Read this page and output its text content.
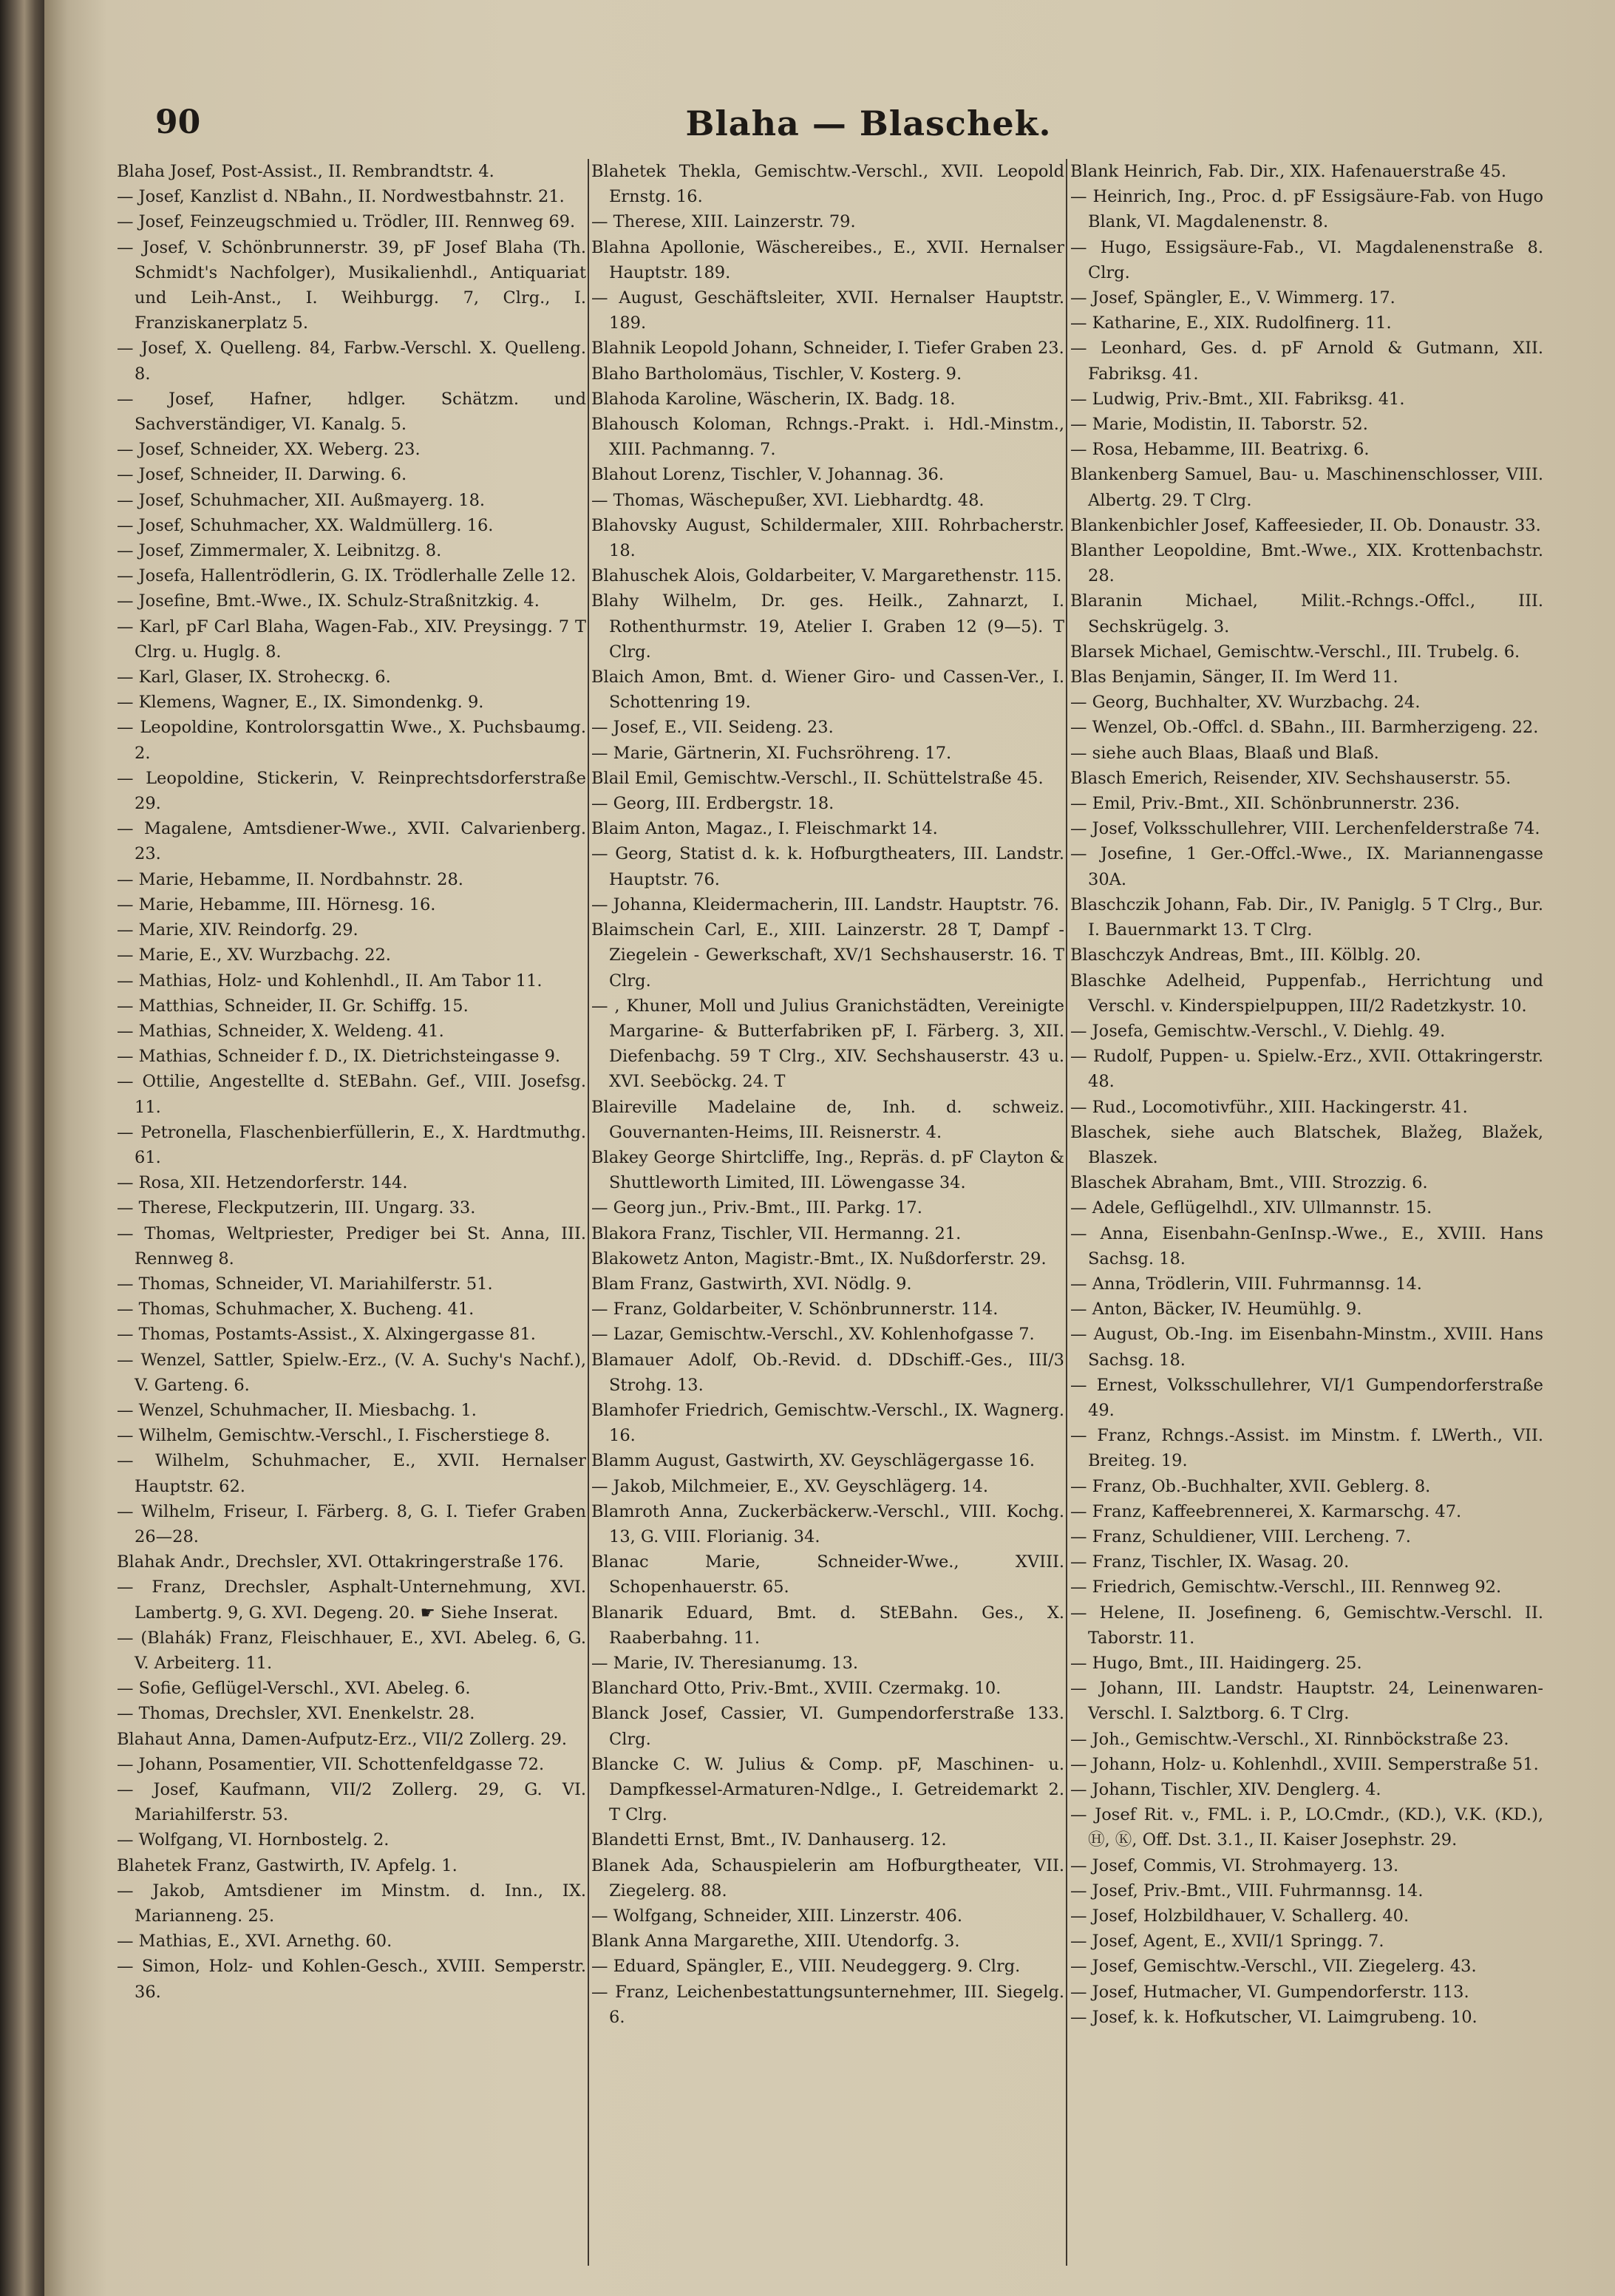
90	Blaha — Blaschek.

Blaha Josef, Post-Assist., II. Rembrandtstr. 4.

— Josef, Kanzlist d. NBahn., II. Nordwestbahnstr. 21.

— Josef, Feinzeugschmied u. Trödler, III. Rennweg 69.

— Josef, V. Schönbrunnerstr. 39, pF Josef Blaha (Th. Schmidt's Nachfolger), Musikalienhdl., Antiquariat und Leih-Anst., I. Weihburgg. 7, Clrg., I. Franziskanerplatz 5.

— Josef, X. Quelleng. 84, Farbw.-Verschl. X. Quelleng. 8.

— Josef, Hafner, hdlger. Schätzm. und Sachverständiger, VI. Kanalg. 5.

— Josef, Schneider, XX. Weberg. 23.

— Josef, Schneider, II. Darwing. 6.

— Josef, Schuhmacher, XII. Außmayerg. 18.

— Josef, Schuhmacher, XX. Waldmüllerg. 16.

— Josef, Zimmermaler, X. Leibnitzg. 8.

— Josefa, Hallentrödlerin, G. IX. Trödlerhalle Zelle 12.

— Josefine, Bmt.-Wwe., IX. Schulz-Straßnitzkig. 4.

— Karl, pF Carl Blaha, Wagen-Fab., XIV. Preysingg. 7 T Clrg. u. Huglg. 8.

— Karl, Glaser, IX. Strohecкg. 6.

— Klemens, Wagner, E., IX. Simondenkg. 9.

— Leopoldine, Kontrolorsgattin Wwe., X. Puchsbaumg. 2.

— Leopoldine, Stickerin, V. Reinprechtsdorferstraße 29.

— Magalene, Amtsdiener-Wwe., XVII. Calvarienberg. 23.

— Marie, Hebamme, II. Nordbahnstr. 28.

— Marie, Hebamme, III. Hörnesg. 16.

— Marie, XIV. Reindorfg. 29.

— Marie, E., XV. Wurzbachg. 22.

— Mathias, Holz- und Kohlenhdl., II. Am Tabor 11.

— Matthias, Schneider, II. Gr. Schiffg. 15.

— Mathias, Schneider, X. Weldeng. 41.

— Mathias, Schneider f. D., IX. Dietrichsteingasse 9.

— Ottilie, Angestellte d. StEBahn. Gef., VIII. Josefsg. 11.

— Petronella, Flaschenbierfüllerin, E., X. Hardtmuthg. 61.

— Rosa, XII. Hetzendorferstr. 144.

— Therese, Fleckputzerin, III. Ungarg. 33.

— Thomas, Weltpriester, Prediger bei St. Anna, III. Rennweg 8.

— Thomas, Schneider, VI. Mariahilferstr. 51.

— Thomas, Schuhmacher, X. Bucheng. 41.

— Thomas, Postamts-Assist., X. Alxingergasse 81.

— Wenzel, Sattler, Spielw.-Erz., (V. A. Suchy's Nachf.), V. Garteng. 6.

— Wenzel, Schuhmacher, II. Miesbachg. 1.

— Wilhelm, Gemischtw.-Verschl., I. Fischerstiege 8.

— Wilhelm, Schuhmacher, E., XVII. Hernalser Hauptstr. 62.

— Wilhelm, Friseur, I. Färberg. 8, G. I. Tiefer Graben 26—28.

Blahak Andr., Drechsler, XVI. Ottakringerstraße 176.

— Franz, Drechsler, Asphalt-Unternehmung, XVI. Lambertg. 9, G. XVI. Degeng. 20. ☛ Siehe Inserat.

— (Blahák) Franz, Fleischhauer, E., XVI. Abeleg. 6, G. V. Arbeiterg. 11.

— Sofie, Geflügel-Verschl., XVI. Abeleg. 6.

— Thomas, Drechsler, XVI. Enenkelstr. 28.

Blahaut Anna, Damen-Aufputz-Erz., VII/2 Zollerg. 29.

— Johann, Posamentier, VII. Schottenfeldgasse 72.

— Josef, Kaufmann, VII/2 Zollerg. 29, G. VI. Mariahilferstr. 53.

— Wolfgang, VI. Hornbostelg. 2.

Blahetek Franz, Gastwirth, IV. Apfelg. 1.

— Jakob, Amtsdiener im Minstm. d. Inn., IX. Marianneng. 25.

— Mathias, E., XVI. Arnethg. 60.

— Simon, Holz- und Kohlen-Gesch., XVIII. Semperstr. 36.

Blahetek Thekla, Gemischtw.-Verschl., XVII. Leopold Ernstg. 16.

— Therese, XIII. Lainzerstr. 79.

Blahna Apollonie, Wäschereibes., E., XVII. Hernalser Hauptstr. 189.

— August, Geschäftsleiter, XVII. Hernalser Hauptstr. 189.

Blahnik Leopold Johann, Schneider, I. Tiefer Graben 23.

Blaho Bartholomäus, Tischler, V. Kosterg. 9.

Blahoda Karoline, Wäscherin, IX. Badg. 18.

Blahousch Koloman, Rchngs.-Prakt. i. Hdl.-Minstm., XIII. Pachmanng. 7.

Blahout Lorenz, Tischler, V. Johannag. 36.

— Thomas, Wäschepußer, XVI. Liebhardtg. 48.

Blahovsky August, Schildermaler, XIII. Rohrbacherstr. 18.

Blahuschek Alois, Goldarbeiter, V. Margarethenstr. 115.

Blahy Wilhelm, Dr. ges. Heilk., Zahnarzt, I. Rothenthurmstr. 19, Atelier I. Graben 12 (9—5). T Clrg.

Blaich Amon, Bmt. d. Wiener Giro- und Cassen-Ver., I. Schottenring 19.

— Josef, E., VII. Seideng. 23.

— Marie, Gärtnerin, XI. Fuchsröhreng. 17.

Blail Emil, Gemischtw.-Verschl., II. Schüttelstraße 45.

— Georg, III. Erdbergstr. 18.

Blaim Anton, Magaz., I. Fleischmarkt 14.

— Georg, Statist d. k. k. Hofburgtheaters, III. Landstr. Hauptstr. 76.

— Johanna, Kleidermacherin, III. Landstr. Hauptstr. 76.

Blaimschein Carl, E., XIII. Lainzerstr. 28 T, Dampf - Ziegelein - Gewerkschaft, XV/1 Sechshauserstr. 16. T Clrg.

— , Khuner, Moll und Julius Granichstädten, Vereinigte Margarine- & Butterfabriken pF, I. Färberg. 3, XII. Diefenbachg. 59 T Clrg., XIV. Sechshauserstr. 43 u. XVI. Seeböckg. 24. T

Blaireville Madelaine de, Inh. d. schweiz. Gouvernanten-Heims, III. Reisnerstr. 4.

Blakey George Shirtcliffe, Ing., Repräs. d. pF Clayton & Shuttleworth Limited, III. Löwengasse 34.

— Georg jun., Priv.-Bmt., III. Parkg. 17.

Blakora Franz, Tischler, VII. Hermanng. 21.

Blakowetz Anton, Magistr.-Bmt., IX. Nußdorferstr. 29.

Blam Franz, Gastwirth, XVI. Nödlg. 9.

— Franz, Goldarbeiter, V. Schönbrunnerstr. 114.

— Lazar, Gemischtw.-Verschl., XV. Kohlenhofgasse 7.

Blamauer Adolf, Ob.-Revid. d. DDschiff.-Ges., III/3 Strohg. 13.

Blamhofer Friedrich, Gemischtw.-Verschl., IX. Wagnerg. 16.

Blamm August, Gastwirth, XV. Geyschlägergasse 16.

— Jakob, Milchmeier, E., XV. Geyschlägerg. 14.

Blamroth Anna, Zuckerbäckerw.-Verschl., VIII. Kochg. 13, G. VIII. Florianig. 34.

Blanac Marie, Schneider-Wwe., XVIII. Schopenhauerstr. 65.

Blanarik Eduard, Bmt. d. StEBahn. Ges., X. Raaberbahng. 11.

— Marie, IV. Theresianumg. 13.

Blanchard Otto, Priv.-Bmt., XVIII. Czermakg. 10.

Blanck Josef, Cassier, VI. Gumpendorferstraße 133. Clrg.

Blancke C. W. Julius & Comp. pF, Maschinen- u. Dampfkessel-Armaturen-Ndlge., I. Getreidemarkt 2. T Clrg.

Blandetti Ernst, Bmt., IV. Danhauserg. 12.

Blanek Ada, Schauspielerin am Hofburgtheater, VII. Ziegelerg. 88.

— Wolfgang, Schneider, XIII. Linzerstr. 406.

Blank Anna Margarethe, XIII. Utendorfg. 3.

— Eduard, Spängler, E., VIII. Neudeggerg. 9. Clrg.

— Franz, Leichenbestattungsunternehmer, III. Siegelg. 6.

Blank Heinrich, Fab. Dir., XIX. Hafenauerstraße 45.

— Heinrich, Ing., Proc. d. pF Essigsäure-Fab. von Hugo Blank, VI. Magdalenenstr. 8.

— Hugo, Essigsäure-Fab., VI. Magdalenenstraße 8. Clrg.

— Josef, Spängler, E., V. Wimmerg. 17.

— Katharine, E., XIX. Rudolfinerg. 11.

— Leonhard, Ges. d. pF Arnold & Gutmann, XII. Fabriksg. 41.

— Ludwig, Priv.-Bmt., XII. Fabriksg. 41.

— Marie, Modistin, II. Taborstr. 52.

— Rosa, Hebamme, III. Beatrixg. 6.

Blankenberg Samuel, Bau- u. Maschinenschlosser, VIII. Albertg. 29. T Clrg.

Blankenbichler Josef, Kaffeesieder, II. Ob. Donaustr. 33.

Blanther Leopoldine, Bmt.-Wwe., XIX. Krottenbachstr. 28.

Blaranin Michael, Milit.-Rchngs.-Offcl., III. Sechskrügelg. 3.

Blarsek Michael, Gemischtw.-Verschl., III. Trubelg. 6.

Blas Benjamin, Sänger, II. Im Werd 11.

— Georg, Buchhalter, XV. Wurzbachg. 24.

— Wenzel, Ob.-Offcl. d. SBahn., III. Barmherzigeng. 22.

— siehe auch Blaas, Blaaß und Blaß.

Blasch Emerich, Reisender, XIV. Sechshauserstr. 55.

— Emil, Priv.-Bmt., XII. Schönbrunnerstr. 236.

— Josef, Volksschullehrer, VIII. Lerchenfelderstraße 74.

— Josefine, 1 Ger.-Offcl.-Wwe., IX. Mariannengasse 30A.

Blaschczik Johann, Fab. Dir., IV. Paniglg. 5 T Clrg., Bur. I. Bauernmarkt 13. T Clrg.

Blaschczyk Andreas, Bmt., III. Kölblg. 20.

Blaschke Adelheid, Puppenfab., Herrichtung und Verschl. v. Kinderspielpuppen, III/2 Radetzkystr. 10.

— Josefa, Gemischtw.-Verschl., V. Diehlg. 49.

— Rudolf, Puppen- u. Spielw.-Erz., XVII. Ottakringerstr. 48.

— Rud., Locomotivführ., XIII. Hackingerstr. 41.

Blaschek, siehe auch Blatschek, Blažeg, Blažek, Blaszek.

Blaschek Abraham, Bmt., VIII. Strozzig. 6.

— Adele, Geflügelhdl., XIV. Ullmannstr. 15.

— Anna, Eisenbahn-GenInsp.-Wwe., E., XVIII. Hans Sachsg. 18.

— Anna, Trödlerin, VIII. Fuhrmannsg. 14.

— Anton, Bäcker, IV. Heumühlg. 9.

— August, Ob.-Ing. im Eisenbahn-Minstm., XVIII. Hans Sachsg. 18.

— Ernest, Volksschullehrer, VI/1 Gumpendorferstraße 49.

— Franz, Rchngs.-Assist. im Minstm. f. LWerth., VII. Breiteg. 19.

— Franz, Ob.-Buchhalter, XVII. Geblerg. 8.

— Franz, Kaffeebrennerei, X. Karmarschg. 47.

— Franz, Schuldiener, VIII. Lercheng. 7.

— Franz, Tischler, IX. Wasag. 20.

— Friedrich, Gemischtw.-Verschl., III. Rennweg 92.

— Helene, II. Josefineng. 6, Gemischtw.-Verschl. II. Taborstr. 11.

— Hugo, Bmt., III. Haidingerg. 25.

— Johann, III. Landstr. Hauptstr. 24, Leinenwaren-Verschl. I. Salztborg. 6. T Clrg.

— Joh., Gemischtw.-Verschl., XI. Rinnböckstraße 23.

— Johann, Holz- u. Kohlenhdl., XVIII. Semperstraße 51.

— Johann, Tischler, XIV. Denglerg. 4.

— Josef Rit. v., FML. i. P., LO.Cmdr., (KD.), V.K. (KD.), Ⓗ, Ⓚ, Off. Dst. 3.1., II. Kaiser Josephstr. 29.

— Josef, Commis, VI. Strohmayerg. 13.

— Josef, Priv.-Bmt., VIII. Fuhrmannsg. 14.

— Josef, Holzbildhauer, V. Schallerg. 40.

— Josef, Agent, E., XVII/1 Springg. 7.

— Josef, Gemischtw.-Verschl., VII. Ziegelerg. 43.

— Josef, Hutmacher, VI. Gumpendorferstr. 113.

— Josef, k. k. Hofkutscher, VI. Laimgrubeng. 10.
